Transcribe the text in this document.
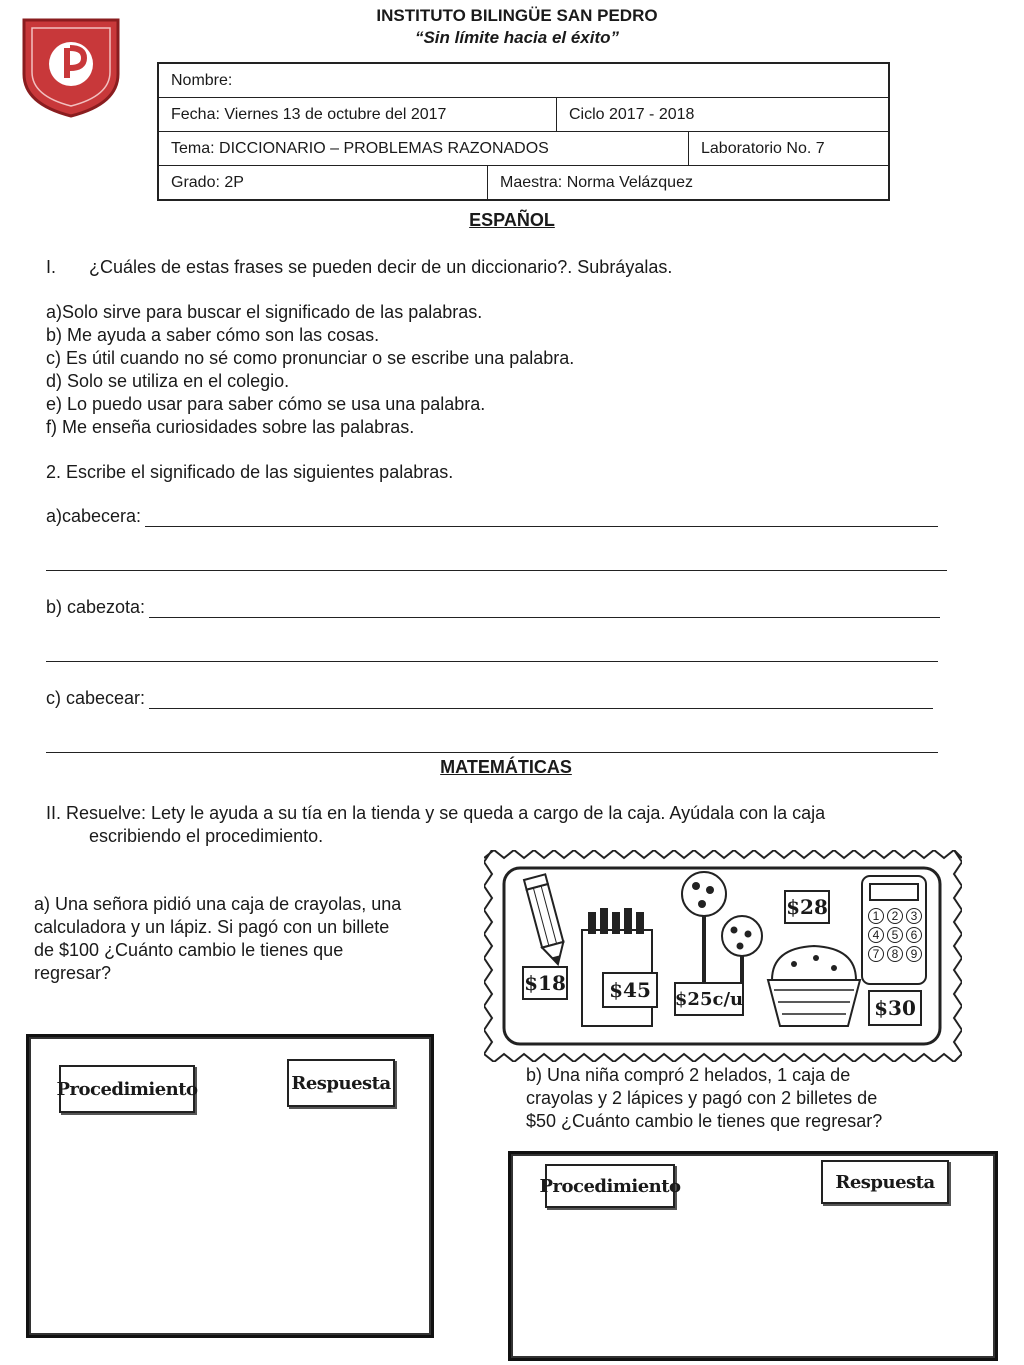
INSTITUTO BILINGÜE SAN PEDRO
“Sin límite hacia el éxito”
Nombre:
Fecha: Viernes 13 de octubre del 2017	Ciclo 2017 - 2018
Tema: DICCIONARIO – PROBLEMAS RAZONADOS	Laboratorio No. 7
Grado: 2P	Maestra: Norma Velázquez
ESPAÑOL
I. ¿Cuáles de estas frases se pueden decir de un diccionario?. Subráyalas.
a)Solo sirve para buscar el significado de las palabras.
b) Me ayuda a saber cómo son las cosas.
c) Es útil cuando no sé como pronunciar o se escribe una palabra.
d) Solo se utiliza en el colegio.
e) Lo puedo usar para saber cómo se usa una palabra.
f) Me enseña curiosidades sobre las palabras.
2. Escribe el significado de las siguientes palabras.
a)cabecera:
b) cabezota:
c) cabecear:
MATEMÁTICAS
II. Resuelve: Lety le ayuda a su tía en la tienda y se queda a cargo de la caja. Ayúdala con la caja
escribiendo el procedimiento.
a) Una señora pidió una caja de crayolas, una
calculadora y un lápiz. Si pagó con un billete
de $100 ¿Cuánto cambio le tienes que
regresar?
1	2	3
4	5	6
7	8	9
$18	$45	$25c/u
$28
$30
b) Una niña compró 2 helados, 1 caja de
crayolas y 2 lápices y pagó con 2 billetes de
$50 ¿Cuánto cambio le tienes que regresar?
Procedimiento	Respuesta
Procedimiento	Respuesta
